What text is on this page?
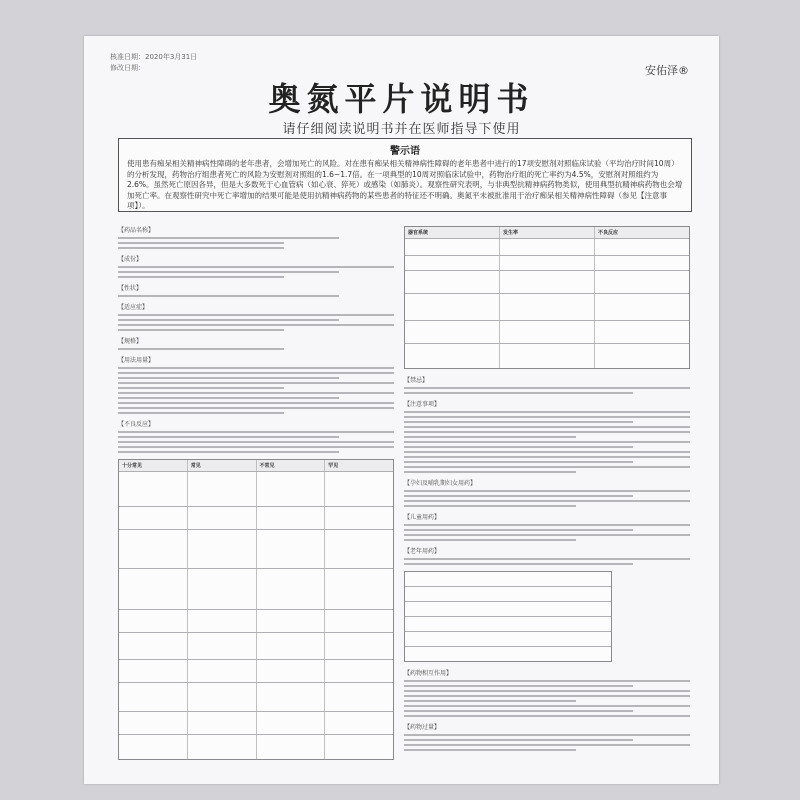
核准日期：2020年3月31日
修改日期：	安佑泽®
奥氮平片说明书
请仔细阅读说明书并在医师指导下使用
警示语
使用患有痴呆相关精神病性障碍的老年患者，会增加死亡的风险。对在患有痴呆相关精神病性障碍的老年患者中进行的17项安慰剂对照临床试验（平均治疗时间10周）的分析发现，药物治疗组患者死亡的风险为安慰剂对照组的1.6~1.7倍。在一项典型的10周对照临床试验中，药物治疗组的死亡率约为4.5%，安慰剂对照组约为2.6%。虽然死亡原因各异，但是大多数死于心血管病（如心衰、猝死）或感染（如肺炎）。观察性研究表明，与非典型抗精神病药物类似，使用典型抗精神病药物也会增加死亡率。在观察性研究中死亡率增加的结果可能是使用抗精神病药物的某些患者的特征还不明确。奥氮平未被批准用于治疗痴呆相关精神病性障碍（参见【注意事项】）。
【药品名称】
【成份】
【性状】
【适应症】
【规格】
【用法用量】
【不良反应】
十分常见	常见	不常见	罕见
器官系统	发生率	不良反应
【禁忌】
【注意事项】
【孕妇及哺乳期妇女用药】
【儿童用药】
【老年用药】
【药物相互作用】
【药物过量】
